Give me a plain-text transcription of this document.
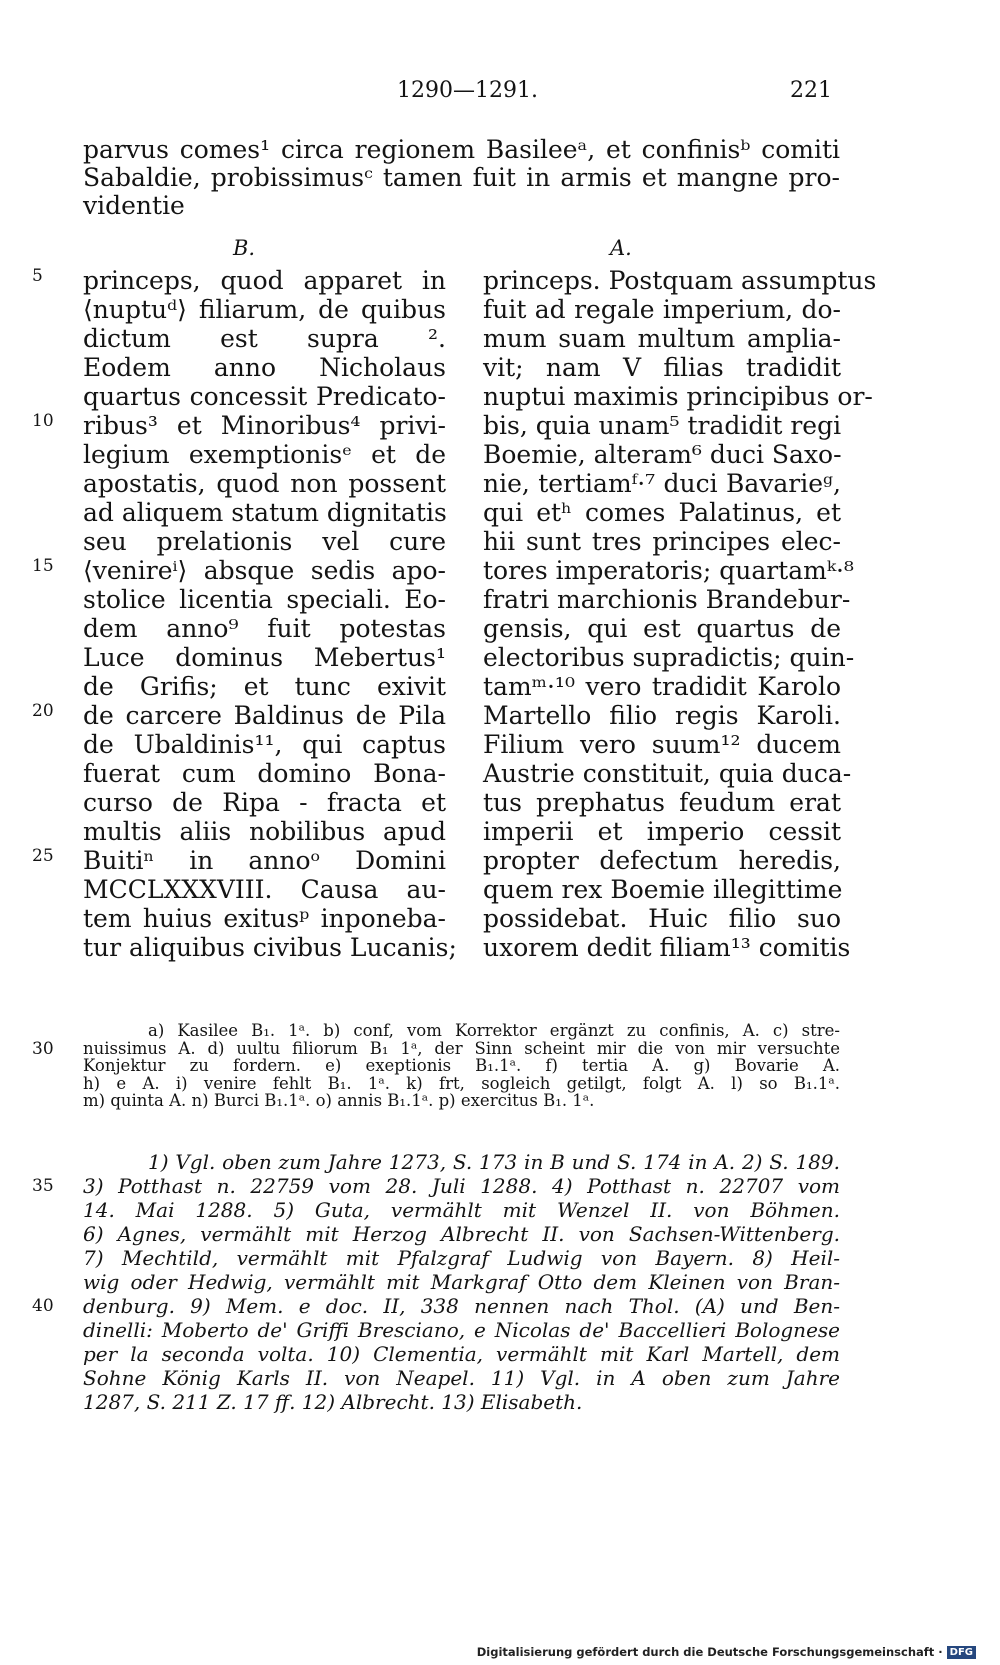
1290—1291.	221
parvus comes¹ circa regionem Basileeᵃ, et confinisᵇ comiti
Sabaldie, probissimusᶜ tamen fuit in armis et mangne pro-
videntie
B.	A.
princeps, quod apparet in
⟨nuptuᵈ⟩ filiarum, de quibus
dictum est supra ².
Eodem anno Nicholaus
quartus concessit Predicato-
ribus³ et Minoribus⁴ privi-
legium exemptionisᵉ et de
apostatis, quod non possent
ad aliquem statum dignitatis
seu prelationis vel cure
⟨venireⁱ⟩ absque sedis apo-
stolice licentia speciali. Eo-
dem anno⁹ fuit potestas
Luce dominus Mebertus¹
de Grifis; et tunc exivit
de carcere Baldinus de Pila
de Ubaldinis¹¹, qui captus
fuerat cum domino Bona-
curso de Ripa - fracta et
multis aliis nobilibus apud
Buitiⁿ in annoᵒ Domini
MCCLXXXVIII. Causa au-
tem huius exitusᵖ inponeba-
tur aliquibus civibus Lucanis;
princeps. Postquam assumptus
fuit ad regale imperium, do-
mum suam multum amplia-
vit; nam V filias tradidit
nuptui maximis principibus or-
bis, quia unam⁵ tradidit regi
Boemie, alteram⁶ duci Saxo-
nie, tertiamᶠ·⁷ duci Bavarieᵍ,
qui etʰ comes Palatinus, et
hii sunt tres principes elec-
tores imperatoris; quartamᵏ·⁸
fratri marchionis Brandebur-
gensis, qui est quartus de
electoribus supradictis; quin-
tamᵐ·¹⁰ vero tradidit Karolo
Martello filio regis Karoli.
Filium vero suum¹² ducem
Austrie constituit, quia duca-
tus prephatus feudum erat
imperii et imperio cessit
propter defectum heredis,
quem rex Boemie illegittime
possidebat. Huic filio suo
uxorem dedit filiam¹³ comitis
5
10
15
20
25
a) Kasilee B₁. 1ᵃ. b) conf, vom Korrektor ergänzt zu confinis, A. c) stre-
nuissimus A. d) uultu filiorum B₁ 1ᵃ, der Sinn scheint mir die von mir versuchte
Konjektur zu fordern. e) exeptionis B₁.1ᵃ. f) tertia A. g) Bovarie A.
h) e A. i) venire fehlt B₁. 1ᵃ. k) frt, sogleich getilgt, folgt A. l) so B₁.1ᵃ.
m) quinta A. n) Burci B₁.1ᵃ. o) annis B₁.1ᵃ. p) exercitus B₁. 1ᵃ.
30
1) Vgl. oben zum Jahre 1273, S. 173 in B und S. 174 in A. 2) S. 189.
3) Potthast n. 22759 vom 28. Juli 1288. 4) Potthast n. 22707 vom
14. Mai 1288. 5) Guta, vermählt mit Wenzel II. von Böhmen.
6) Agnes, vermählt mit Herzog Albrecht II. von Sachsen-Wittenberg.
7) Mechtild, vermählt mit Pfalzgraf Ludwig von Bayern. 8) Heil-
wig oder Hedwig, vermählt mit Markgraf Otto dem Kleinen von Bran-
denburg. 9) Mem. e doc. II, 338 nennen nach Thol. (A) und Ben-
dinelli: Moberto de' Griffi Bresciano, e Nicolas de' Baccellieri Bolognese
per la seconda volta. 10) Clementia, vermählt mit Karl Martell, dem
Sohne König Karls II. von Neapel. 11) Vgl. in A oben zum Jahre
1287, S. 211 Z. 17 ff. 12) Albrecht. 13) Elisabeth.
35
40
Digitalisierung gefördert durch die Deutsche Forschungsgemeinschaft · DFG
